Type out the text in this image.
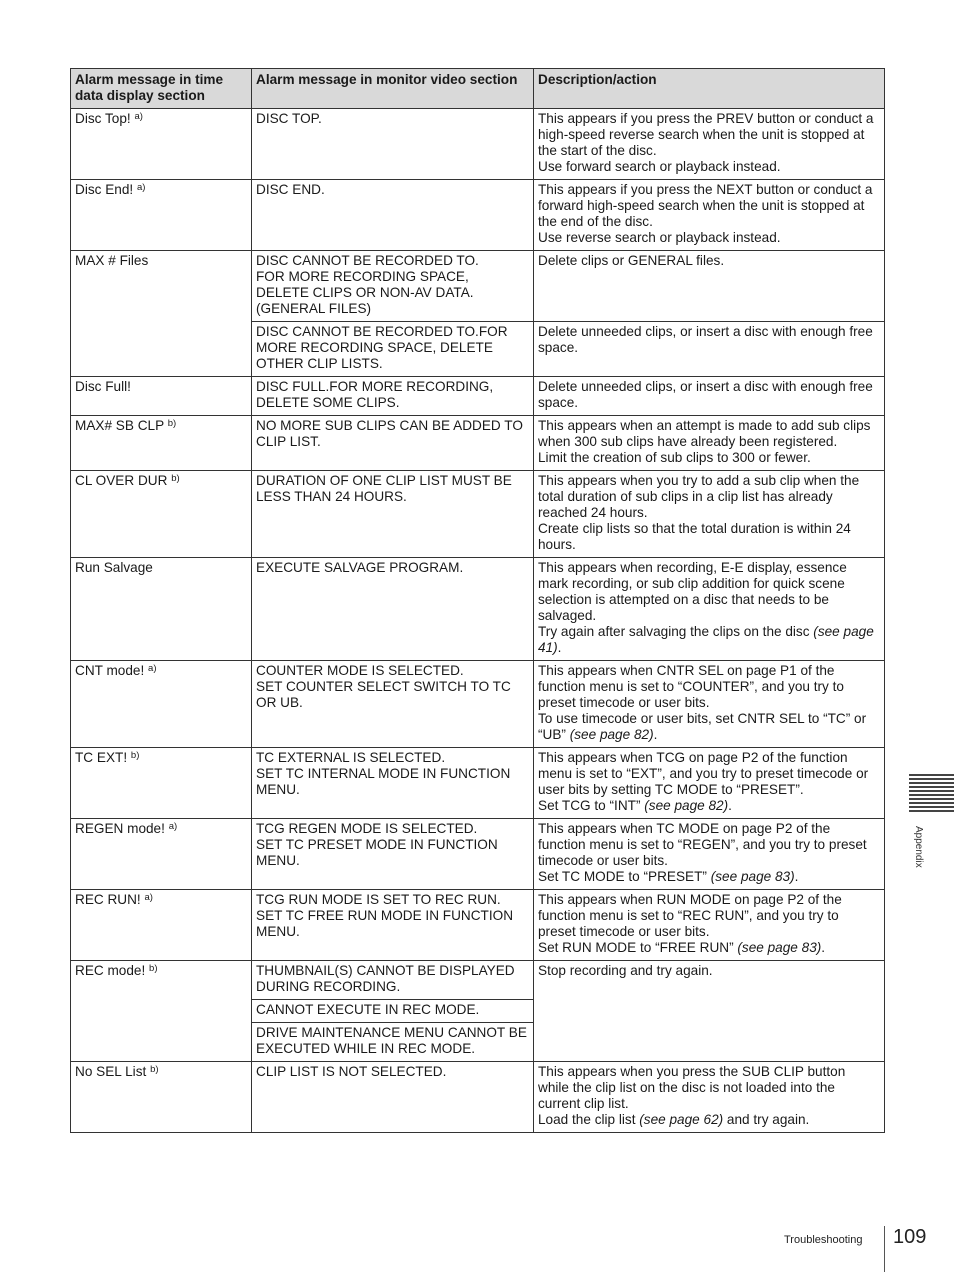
Alarm message in time data display section	Alarm message in monitor video section	Description/action
Disc Top! $^{a)}$	DISC TOP.	This appears if you press the PREV button or conduct a high-speed reverse search when the unit is stopped at the start of the disc.
Use forward search or playback instead.

Disc End! $^{a)}$	DISC END.	This appears if you press the NEXT button or conduct a forward high-speed search when the unit is stopped at the end of the disc.
Use reverse search or playback instead.

MAX # Files	DISC CANNOT BE RECORDED TO.
FOR MORE RECORDING SPACE,
DELETE CLIPS OR NON-AV DATA.
(GENERAL FILES)	Delete clips or GENERAL files.

	DISC CANNOT BE RECORDED TO.FOR MORE RECORDING SPACE, DELETE OTHER CLIP LISTS.	Delete unneeded clips, or insert a disc with enough free space.

Disc Full!	DISC FULL.FOR MORE RECORDING, DELETE SOME CLIPS.	Delete unneeded clips, or insert a disc with enough free space.

MAX# SB CLP $^{b)}$	NO MORE SUB CLIPS CAN BE ADDED TO CLIP LIST.	This appears when an attempt is made to add sub clips when 300 sub clips have already been registered.
Limit the creation of sub clips to 300 or fewer.

CL OVER DUR $^{b)}$	DURATION OF ONE CLIP LIST MUST BE LESS THAN 24 HOURS.	This appears when you try to add a sub clip when the total duration of sub clips in a clip list has already reached 24 hours.
Create clip lists so that the total duration is within 24 hours.

Run Salvage	EXECUTE SALVAGE PROGRAM.	This appears when recording, E-E display, essence mark recording, or sub clip addition for quick scene selection is attempted on a disc that needs to be salvaged.
Try again after salvaging the clips on the disc (see page 41).

CNT mode! $^{a)}$	COUNTER MODE IS SELECTED.
SET COUNTER SELECT SWITCH TO TC OR UB.	This appears when CNTR SEL on page P1 of the function menu is set to “COUNTER”, and you try to preset timecode or user bits.
To use timecode or user bits, set CNTR SEL to “TC” or “UB” (see page 82).

TC EXT! $^{b)}$	TC EXTERNAL IS SELECTED.
SET TC INTERNAL MODE IN FUNCTION MENU.	This appears when TCG on page P2 of the function menu is set to “EXT”, and you try to preset timecode or user bits by setting TC MODE to “PRESET”.
Set TCG to “INT” (see page 82).

REGEN mode! $^{a)}$	TCG REGEN MODE IS SELECTED.
SET TC PRESET MODE IN FUNCTION MENU.	This appears when TC MODE on page P2 of the function menu is set to “REGEN”, and you try to preset timecode or user bits.
Set TC MODE to “PRESET” (see page 83).

REC RUN! $^{a)}$	TCG RUN MODE IS SET TO REC RUN.
SET TC FREE RUN MODE IN FUNCTION MENU.	This appears when RUN MODE on page P2 of the function menu is set to “REC RUN”, and you try to preset timecode or user bits.
Set RUN MODE to “FREE RUN” (see page 83).

REC mode! $^{b)}$	THUMBNAIL(S) CANNOT BE DISPLAYED DURING RECORDING.	Stop recording and try again.

	CANNOT EXECUTE IN REC MODE.	

	DRIVE MAINTENANCE MENU CANNOT BE EXECUTED WHILE IN REC MODE.	

No SEL List $^{b)}$	CLIP LIST IS NOT SELECTED.	This appears when you press the SUB CLIP button while the clip list on the disc is not loaded into the current clip list.
Load the clip list (see page 62) and try again.
Appendix
Troubleshooting 109
